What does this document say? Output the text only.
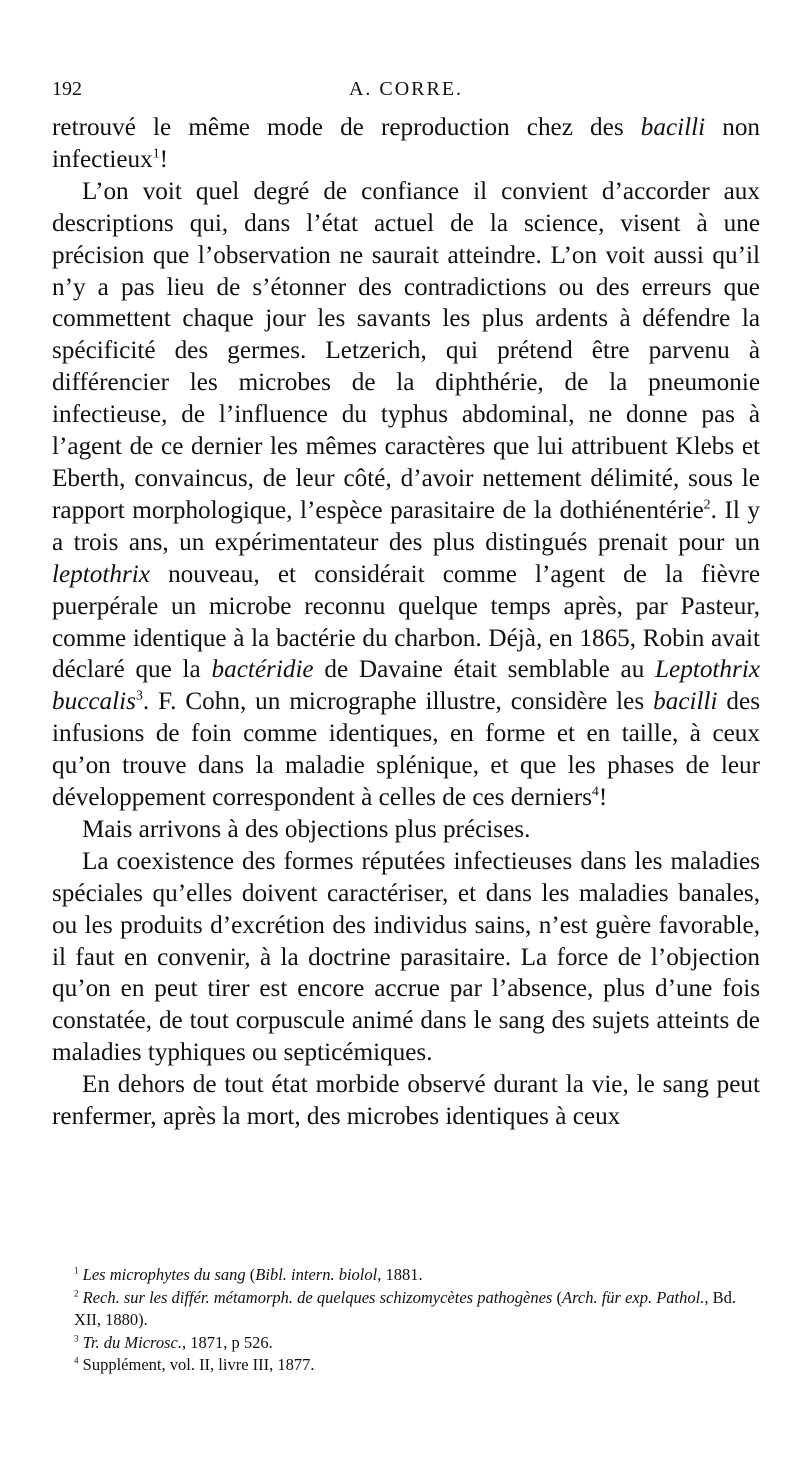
192	A. CORRE.

retrouvé le même mode de reproduction chez des bacilli non infectieux$^1$!

L’on voit quel degré de confiance il convient d’accorder aux descriptions qui, dans l’état actuel de la science, visent à une précision que l’observation ne saurait atteindre. L’on voit aussi qu’il n’y a pas lieu de s’étonner des contradictions ou des erreurs que commettent chaque jour les savants les plus ardents à défendre la spécificité des germes. Letzerich, qui prétend être parvenu à différencier les microbes de la diphthérie, de la pneumonie infectieuse, de l’influence du typhus abdominal, ne donne pas à l’agent de ce dernier les mêmes caractères que lui attribuent Klebs et Eberth, convaincus, de leur côté, d’avoir nettement délimité, sous le rapport morphologique, l’espèce parasitaire de la dothiénentérie$^2$. Il y a trois ans, un expérimentateur des plus distingués prenait pour un leptothrix nouveau, et considérait comme l’agent de la fièvre puerpérale un microbe reconnu quelque temps après, par Pasteur, comme identique à la bactérie du charbon. Déjà, en 1865, Robin avait déclaré que la bactéridie de Davaine était semblable au Leptothrix buccalis$^3$. F. Cohn, un micrographe illustre, considère les bacilli des infusions de foin comme identiques, en forme et en taille, à ceux qu’on trouve dans la maladie splénique, et que les phases de leur développement correspondent à celles de ces derniers$^4$!

Mais arrivons à des objections plus précises.

La coexistence des formes réputées infectieuses dans les maladies spéciales qu’elles doivent caractériser, et dans les maladies banales, ou les produits d’excrétion des individus sains, n’est guère favorable, il faut en convenir, à la doctrine parasitaire. La force de l’objection qu’on en peut tirer est encore accrue par l’absence, plus d’une fois constatée, de tout corpuscule animé dans le sang des sujets atteints de maladies typhiques ou septicémiques.

En dehors de tout état morbide observé durant la vie, le sang peut renfermer, après la mort, des microbes identiques à ceux

$^1$ Les microphytes du sang (Bibl. intern. biolol, 1881.

$^2$ Rech. sur les différ. métamorph. de quelques schizomycètes pathogènes (Arch. für exp. Pathol., Bd. XII, 1880).

$^3$ Tr. du Microsc., 1871, p 526.

$^4$ Supplément, vol. II, livre III, 1877.
